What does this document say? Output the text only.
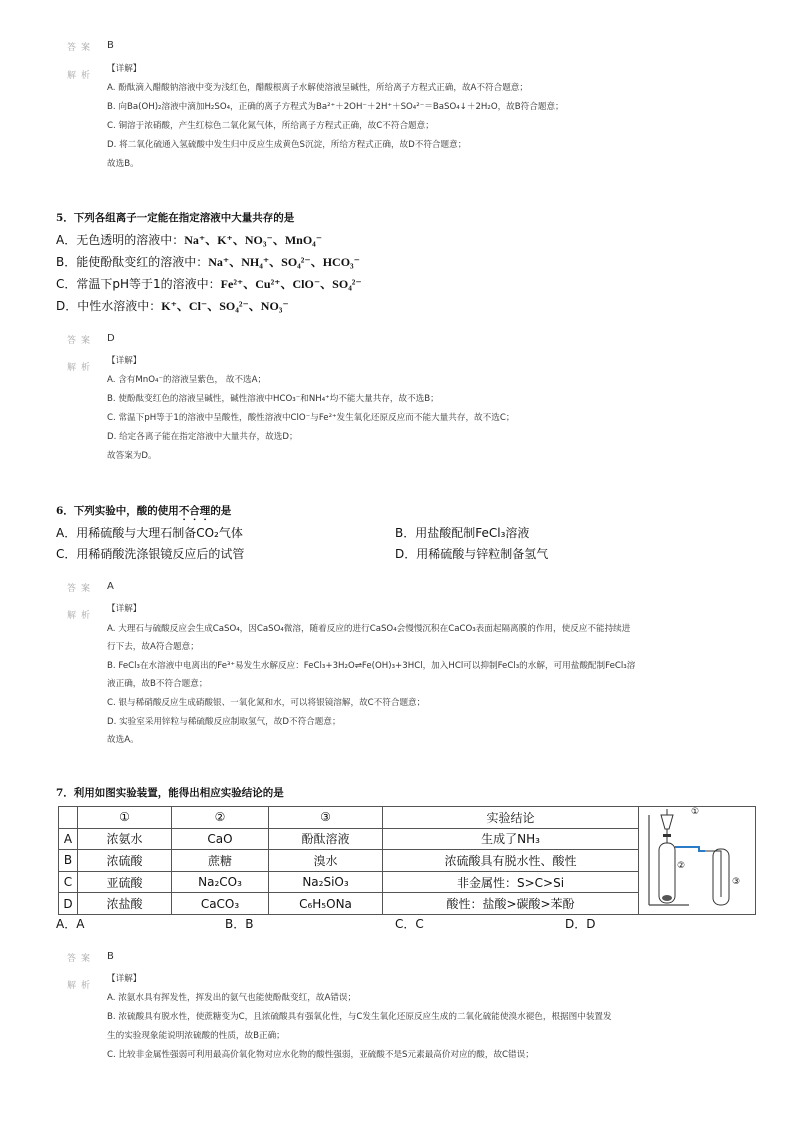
答案 B
解析
【详解】
A. 酚酞滴入醋酸钠溶液中变为浅红色，醋酸根离子水解使溶液呈碱性，所给离子方程式正确，故A不符合题意；
B. 向Ba(OH)₂溶液中滴加H₂SO₄，正确的离子方程式为Ba²⁺＋2OH⁻＋2H⁺＋SO₄²⁻＝BaSO₄↓＋2H₂O，故B符合题意；
C. 铜溶于浓硝酸，产生红棕色二氧化氮气体，所给离子方程式正确，故C不符合题意；
D. 将二氧化硫通入氢硫酸中发生归中反应生成黄色S沉淀，所给方程式正确，故D不符合题意；
故选B。
5．下列各组离子一定能在指定溶液中大量共存的是
A．无色透明的溶液中：Na⁺、K⁺、NO₃⁻、MnO₄⁻
B．能使酚酞变红的溶液中：Na⁺、NH₄⁺、SO₄²⁻、HCO₃⁻
C．常温下pH等于1的溶液中：Fe²⁺、Cu²⁺、ClO⁻、SO₄²⁻
D．中性水溶液中：K⁺、Cl⁻、SO₄²⁻、NO₃⁻
答案 D
解析
【详解】
A. 含有MnO₄⁻的溶液呈紫色， 故不选A；
B. 使酚酞变红色的溶液呈碱性，碱性溶液中HCO₃⁻和NH₄⁺均不能大量共存，故不选B；
C. 常温下pH等于1的溶液中呈酸性，酸性溶液中ClO⁻与Fe²⁺发生氧化还原反应而不能大量共存，故不选C；
D. 给定各离子能在指定溶液中大量共存，故选D；
故答案为D。
6．下列实验中，酸的使用不合理的是
A．用稀硫酸与大理石制备CO₂气体	B．用盐酸配制FeCl₃溶液
C．用稀硝酸洗涤银镜反应后的试管	D．用稀硫酸与锌粒制备氢气
答案 A
解析
【详解】
A. 大理石与硫酸反应会生成CaSO₄，因CaSO₄微溶，随着反应的进行CaSO₄会慢慢沉积在CaCO₃表面起隔离膜的作用，使反应不能持续进
行下去，故A符合题意；
B. FeCl₃在水溶液中电离出的Fe³⁺易发生水解反应：FeCl₃+3H₂O⇌Fe(OH)₃+3HCl，加入HCl可以抑制FeCl₃的水解，可用盐酸配制FeCl₃溶
液正确，故B不符合题意；
C. 银与稀硝酸反应生成硝酸银、一氧化氮和水，可以将银镜溶解，故C不符合题意；
D. 实验室采用锌粒与稀硫酸反应制取氢气，故D不符合题意；
故选A。
7．利用如图实验装置，能得出相应实验结论的是
	①	②	③	实验结论	①
②
③

A	浓氨水	CaO	酚酞溶液	生成了NH₃	
B	浓硫酸	蔗糖	溴水	浓硫酸具有脱水性、酸性	
C	亚硫酸	Na₂CO₃	Na₂SiO₃	非金属性：S>C>Si	
D	浓盐酸	CaCO₃	C₆H₅ONa	酸性：盐酸>碳酸>苯酚	
A．A	B．B	C．C	D．D
答案 B
解析
【详解】
A. 浓氨水具有挥发性，挥发出的氨气也能使酚酞变红，故A错误；
B. 浓硫酸具有脱水性，使蔗糖变为C，且浓硫酸具有强氧化性，与C发生氧化还原反应生成的二氧化硫能使溴水褪色，根据图中装置发
生的实验现象能说明浓硫酸的性质，故B正确；
C. 比较非金属性强弱可利用最高价氧化物对应水化物的酸性强弱，亚硫酸不是S元素最高价对应的酸，故C错误；
